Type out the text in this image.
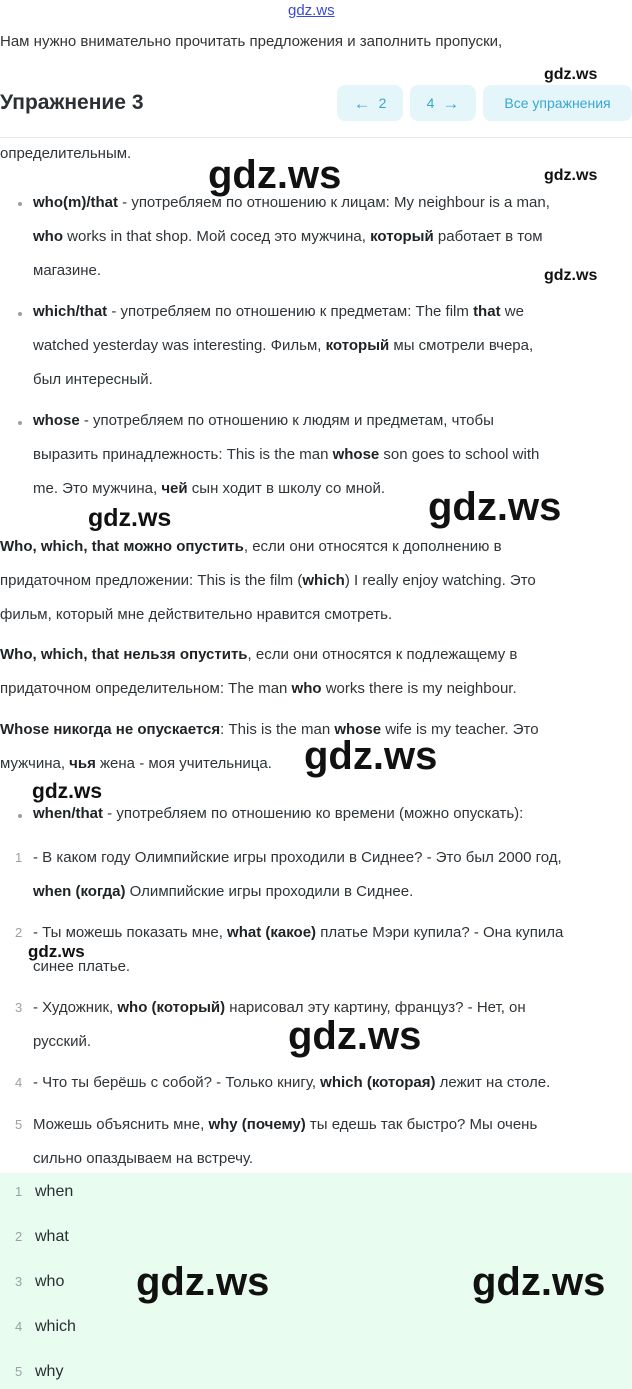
gdz.ws
Нам нужно внимательно прочитать предложения и заполнить пропуски,
Упражнение 3	← 2	4 →	Все упражнения
определительным.
who(m)/that - употребляем по отношению к лицам: My neighbour is a man,
who works in that shop. Мой сосед это мужчина, который работает в том
магазине.
which/that - употребляем по отношению к предметам: The film that we
watched yesterday was interesting. Фильм, который мы смотрели вчера,
был интересный.
whose - употребляем по отношению к людям и предметам, чтобы
выразить принадлежность: This is the man whose son goes to school with
me. Это мужчина, чей сын ходит в школу со мной.
Who, which, that можно опустить, если они относятся к дополнению в
придаточном предложении: This is the film (which) I really enjoy watching. Это
фильм, который мне действительно нравится смотреть.
Who, which, that нельзя опустить, если они относятся к подлежащему в
придаточном определительном: The man who works there is my neighbour.
Whose никогда не опускается: This is the man whose wife is my teacher. Это
мужчина, чья жена - моя учительница.
when/that - употребляем по отношению ко времени (можно опускать):
1 - В каком году Олимпийские игры проходили в Сиднее? - Это был 2000 год,
when (когда) Олимпийские игры проходили в Сиднее.
2 - Ты можешь показать мне, what (какое) платье Мэри купила? - Она купила
синее платье.
3 - Художник, who (который) нарисовал эту картину, француз? - Нет, он
русский.
4 - Что ты берёшь с собой? - Только книгу, which (которая) лежит на столе.
5 Можешь объяснить мне, why (почему) ты едешь так быстро? Мы очень
сильно опаздываем на встречу.
1 when
2 what
3 who
4 which
5 why
gdz.ws
gdz.ws	gdz.ws
gdz.ws
gdz.ws
gdz.ws
gdz.ws
gdz.ws
gdz.ws
gdz.ws
gdz.ws	gdz.ws
